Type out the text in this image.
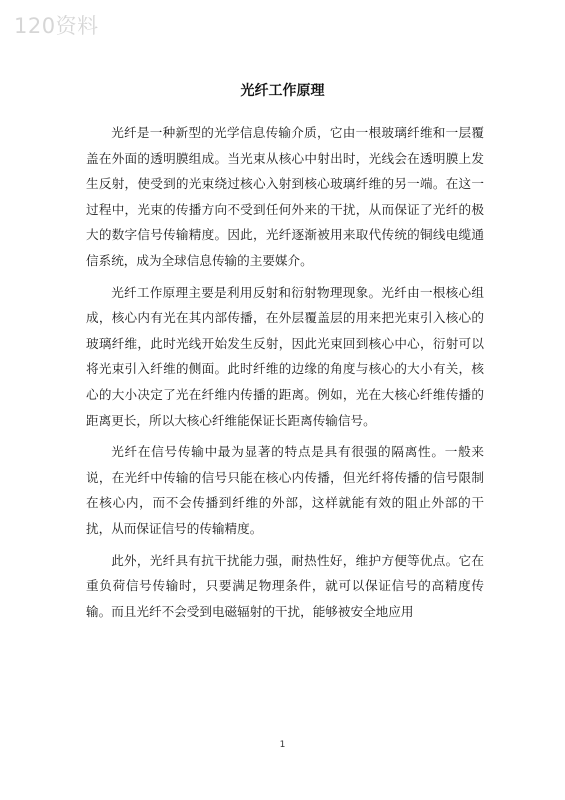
120资料
光纤工作原理

光纤是一种新型的光学信息传输介质，它由一根玻璃纤维和一层覆盖在外面的透明膜组成。当光束从核心中射出时，光线会在透明膜上发生反射，使受到的光束绕过核心入射到核心玻璃纤维的另一端。在这一过程中，光束的传播方向不受到任何外来的干扰，从而保证了光纤的极大的数字信号传输精度。因此，光纤逐渐被用来取代传统的铜线电缆通信系统，成为全球信息传输的主要媒介。

光纤工作原理主要是利用反射和衍射物理现象。光纤由一根核心组成，核心内有光在其内部传播，在外层覆盖层的用来把光束引入核心的玻璃纤维，此时光线开始发生反射，因此光束回到核心中心，衍射可以将光束引入纤维的侧面。此时纤维的边缘的角度与核心的大小有关，核心的大小决定了光在纤维内传播的距离。例如，光在大核心纤维传播的距离更长，所以大核心纤维能保证长距离传输信号。

光纤在信号传输中最为显著的特点是具有很强的隔离性。一般来说，在光纤中传输的信号只能在核心内传播，但光纤将传播的信号限制在核心内，而不会传播到纤维的外部，这样就能有效的阻止外部的干扰，从而保证信号的传输精度。

此外，光纤具有抗干扰能力强，耐热性好，维护方便等优点。它在重负荷信号传输时，只要满足物理条件，就可以保证信号的高精度传输。而且光纤不会受到电磁辐射的干扰，能够被安全地应用

1
